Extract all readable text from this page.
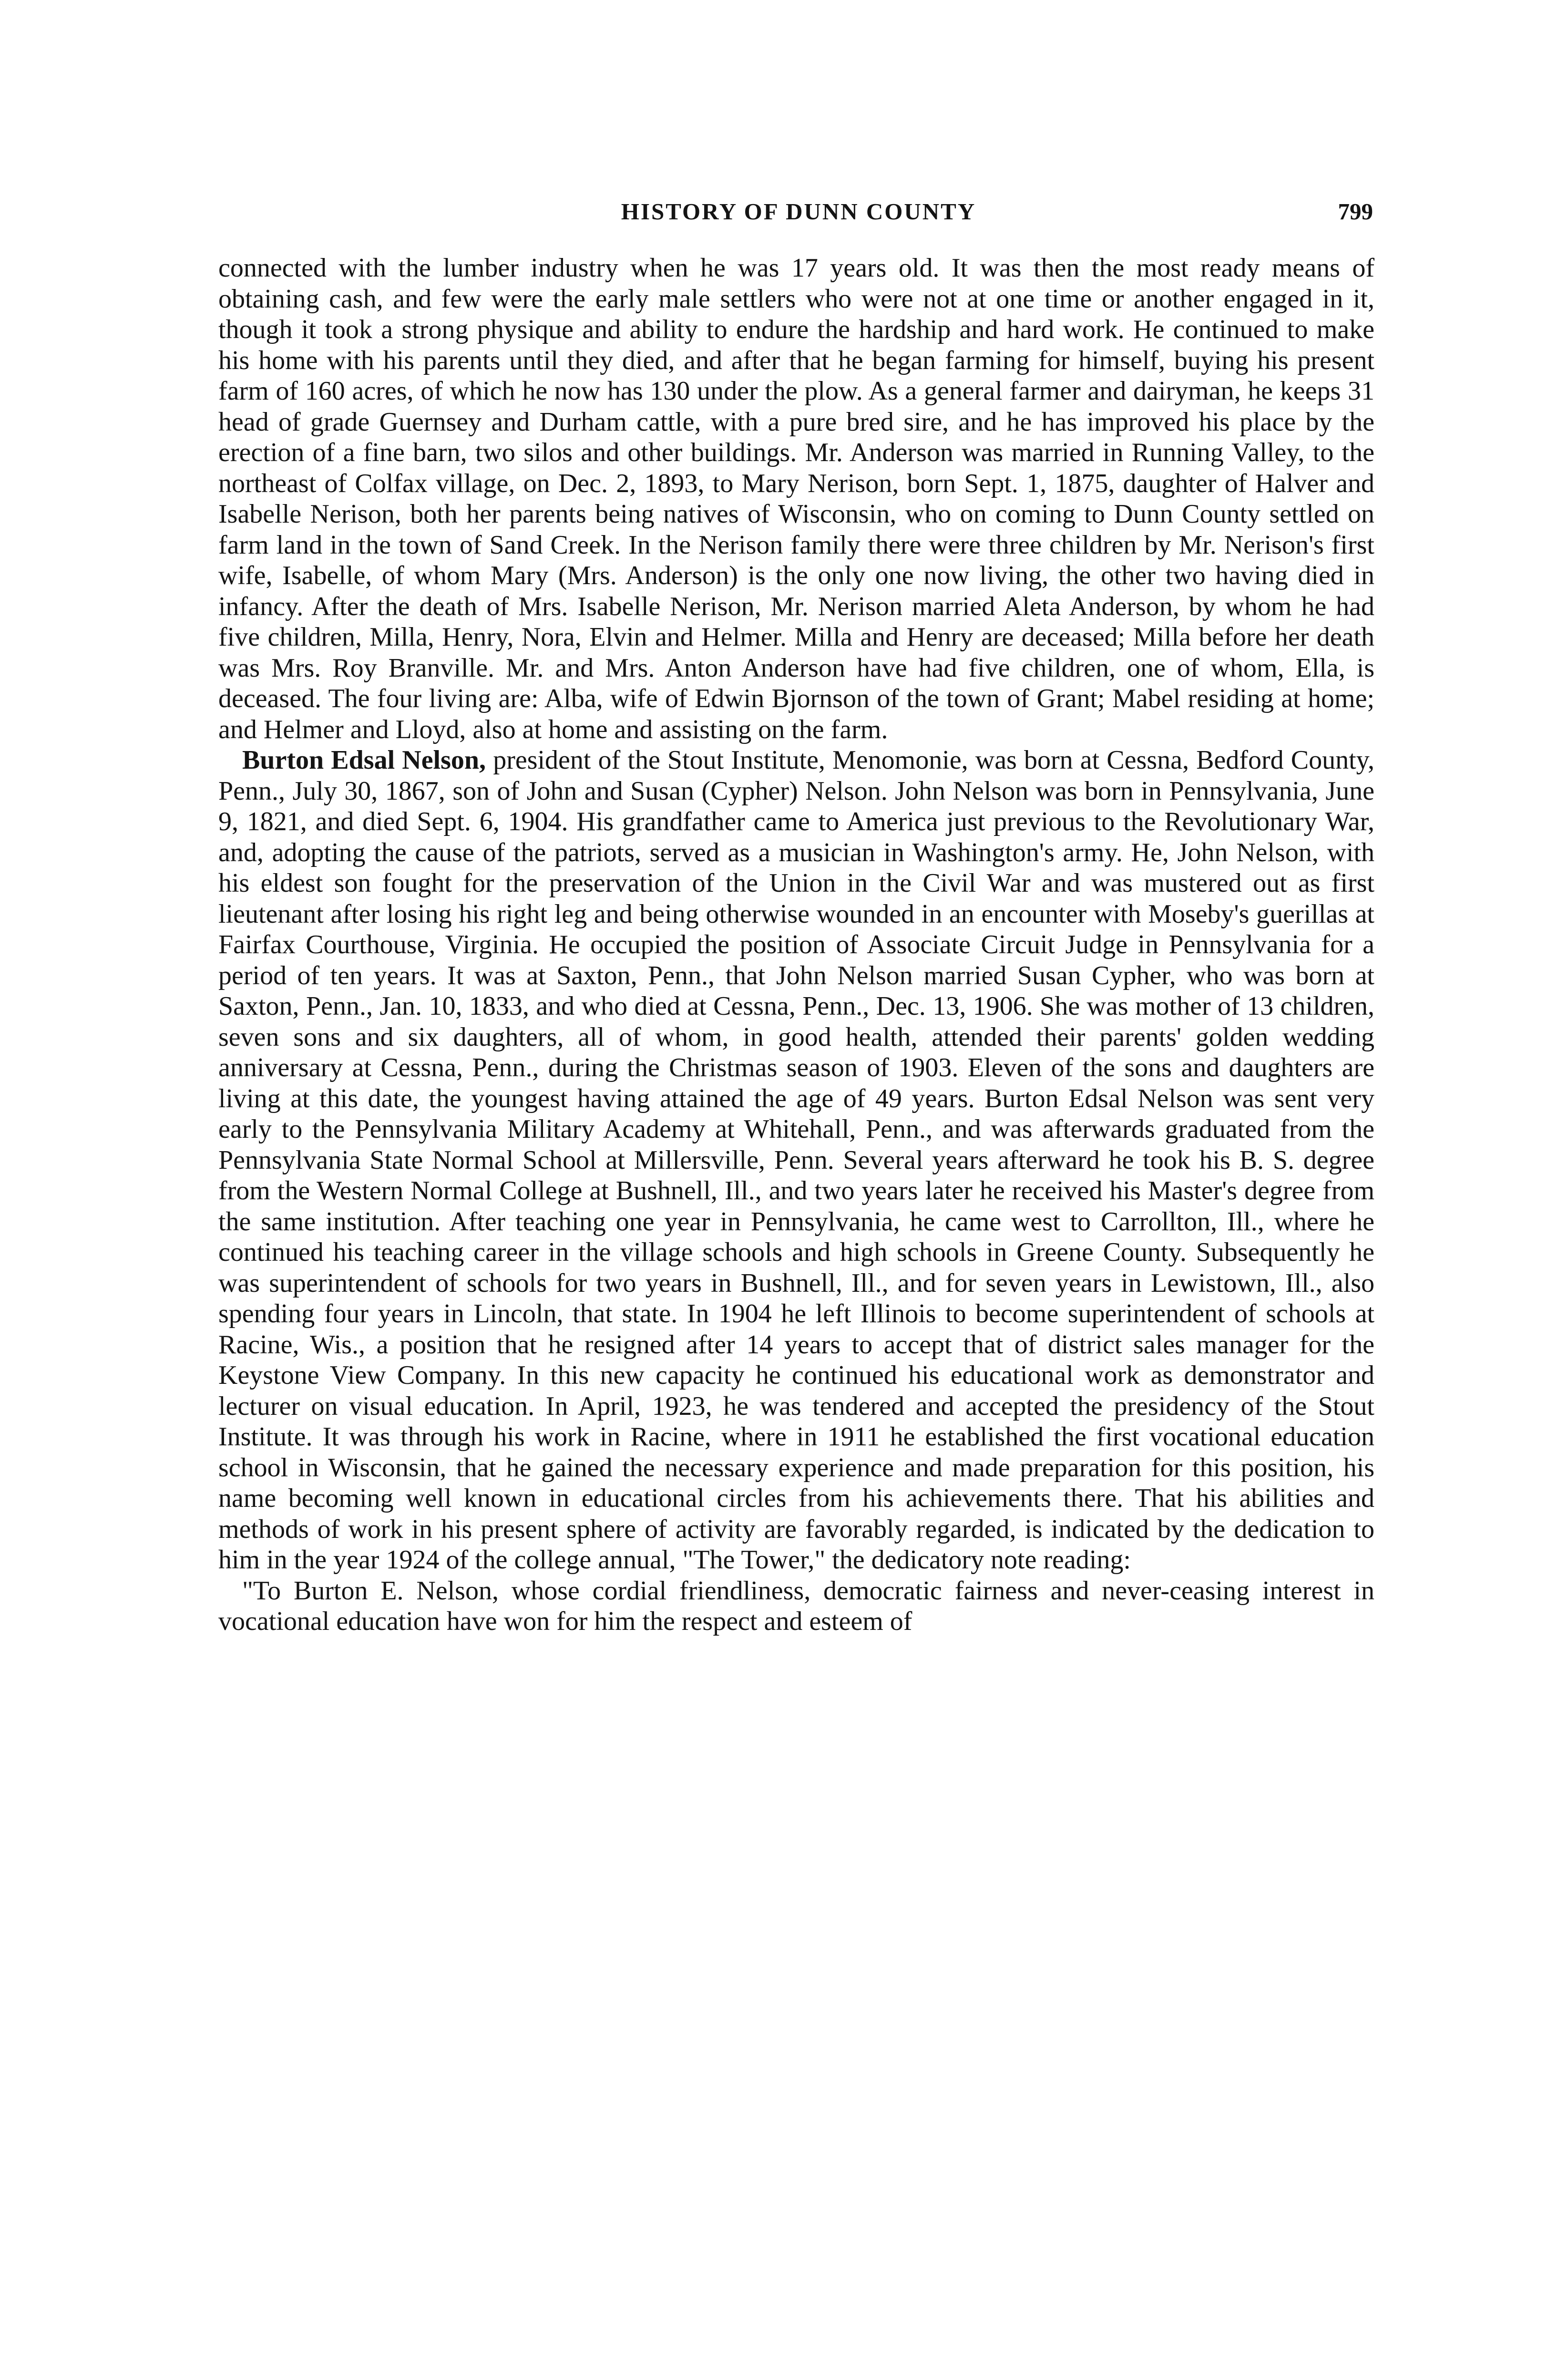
HISTORY OF DUNN COUNTY	799

connected with the lumber industry when he was 17 years old. It was then the most ready means of obtaining cash, and few were the early male settlers who were not at one time or another engaged in it, though it took a strong physique and ability to endure the hardship and hard work. He continued to make his home with his parents until they died, and after that he began farming for himself, buying his present farm of 160 acres, of which he now has 130 under the plow. As a general farmer and dairyman, he keeps 31 head of grade Guernsey and Durham cattle, with a pure bred sire, and he has improved his place by the erection of a fine barn, two silos and other buildings. Mr. Anderson was married in Running Valley, to the northeast of Colfax village, on Dec. 2, 1893, to Mary Nerison, born Sept. 1, 1875, daughter of Halver and Isabelle Nerison, both her parents being natives of Wisconsin, who on coming to Dunn County settled on farm land in the town of Sand Creek. In the Nerison family there were three children by Mr. Nerison's first wife, Isabelle, of whom Mary (Mrs. Anderson) is the only one now living, the other two having died in infancy. After the death of Mrs. Isabelle Nerison, Mr. Nerison married Aleta Anderson, by whom he had five children, Milla, Henry, Nora, Elvin and Helmer. Milla and Henry are deceased; Milla before her death was Mrs. Roy Branville. Mr. and Mrs. Anton Anderson have had five children, one of whom, Ella, is deceased. The four living are: Alba, wife of Edwin Bjornson of the town of Grant; Mabel residing at home; and Helmer and Lloyd, also at home and assisting on the farm.

Burton Edsal Nelson, president of the Stout Institute, Menomonie, was born at Cessna, Bedford County, Penn., July 30, 1867, son of John and Susan (Cypher) Nelson. John Nelson was born in Pennsylvania, June 9, 1821, and died Sept. 6, 1904. His grandfather came to America just previous to the Revolutionary War, and, adopting the cause of the patriots, served as a musician in Washington's army. He, John Nelson, with his eldest son fought for the preservation of the Union in the Civil War and was mustered out as first lieutenant after losing his right leg and being otherwise wounded in an encounter with Moseby's guerillas at Fairfax Courthouse, Virginia. He occupied the position of Associate Circuit Judge in Pennsylvania for a period of ten years. It was at Saxton, Penn., that John Nelson married Susan Cypher, who was born at Saxton, Penn., Jan. 10, 1833, and who died at Cessna, Penn., Dec. 13, 1906. She was mother of 13 children, seven sons and six daughters, all of whom, in good health, attended their parents' golden wedding anniversary at Cessna, Penn., during the Christmas season of 1903. Eleven of the sons and daughters are living at this date, the youngest having attained the age of 49 years. Burton Edsal Nelson was sent very early to the Pennsylvania Military Academy at Whitehall, Penn., and was afterwards graduated from the Pennsylvania State Normal School at Millersville, Penn. Several years afterward he took his B. S. degree from the Western Normal College at Bushnell, Ill., and two years later he received his Master's degree from the same institution. After teaching one year in Pennsylvania, he came west to Carrollton, Ill., where he continued his teaching career in the village schools and high schools in Greene County. Subsequently he was superintendent of schools for two years in Bushnell, Ill., and for seven years in Lewistown, Ill., also spending four years in Lincoln, that state. In 1904 he left Illinois to become superintendent of schools at Racine, Wis., a position that he resigned after 14 years to accept that of district sales manager for the Keystone View Company. In this new capacity he continued his educational work as demonstrator and lecturer on visual education. In April, 1923, he was tendered and accepted the presidency of the Stout Institute. It was through his work in Racine, where in 1911 he established the first vocational education school in Wisconsin, that he gained the necessary experience and made preparation for this position, his name becoming well known in educational circles from his achievements there. That his abilities and methods of work in his present sphere of activity are favorably regarded, is indicated by the dedication to him in the year 1924 of the college annual, "The Tower," the dedicatory note reading:

"To Burton E. Nelson, whose cordial friendliness, democratic fairness and never-ceasing interest in vocational education have won for him the respect and esteem of
